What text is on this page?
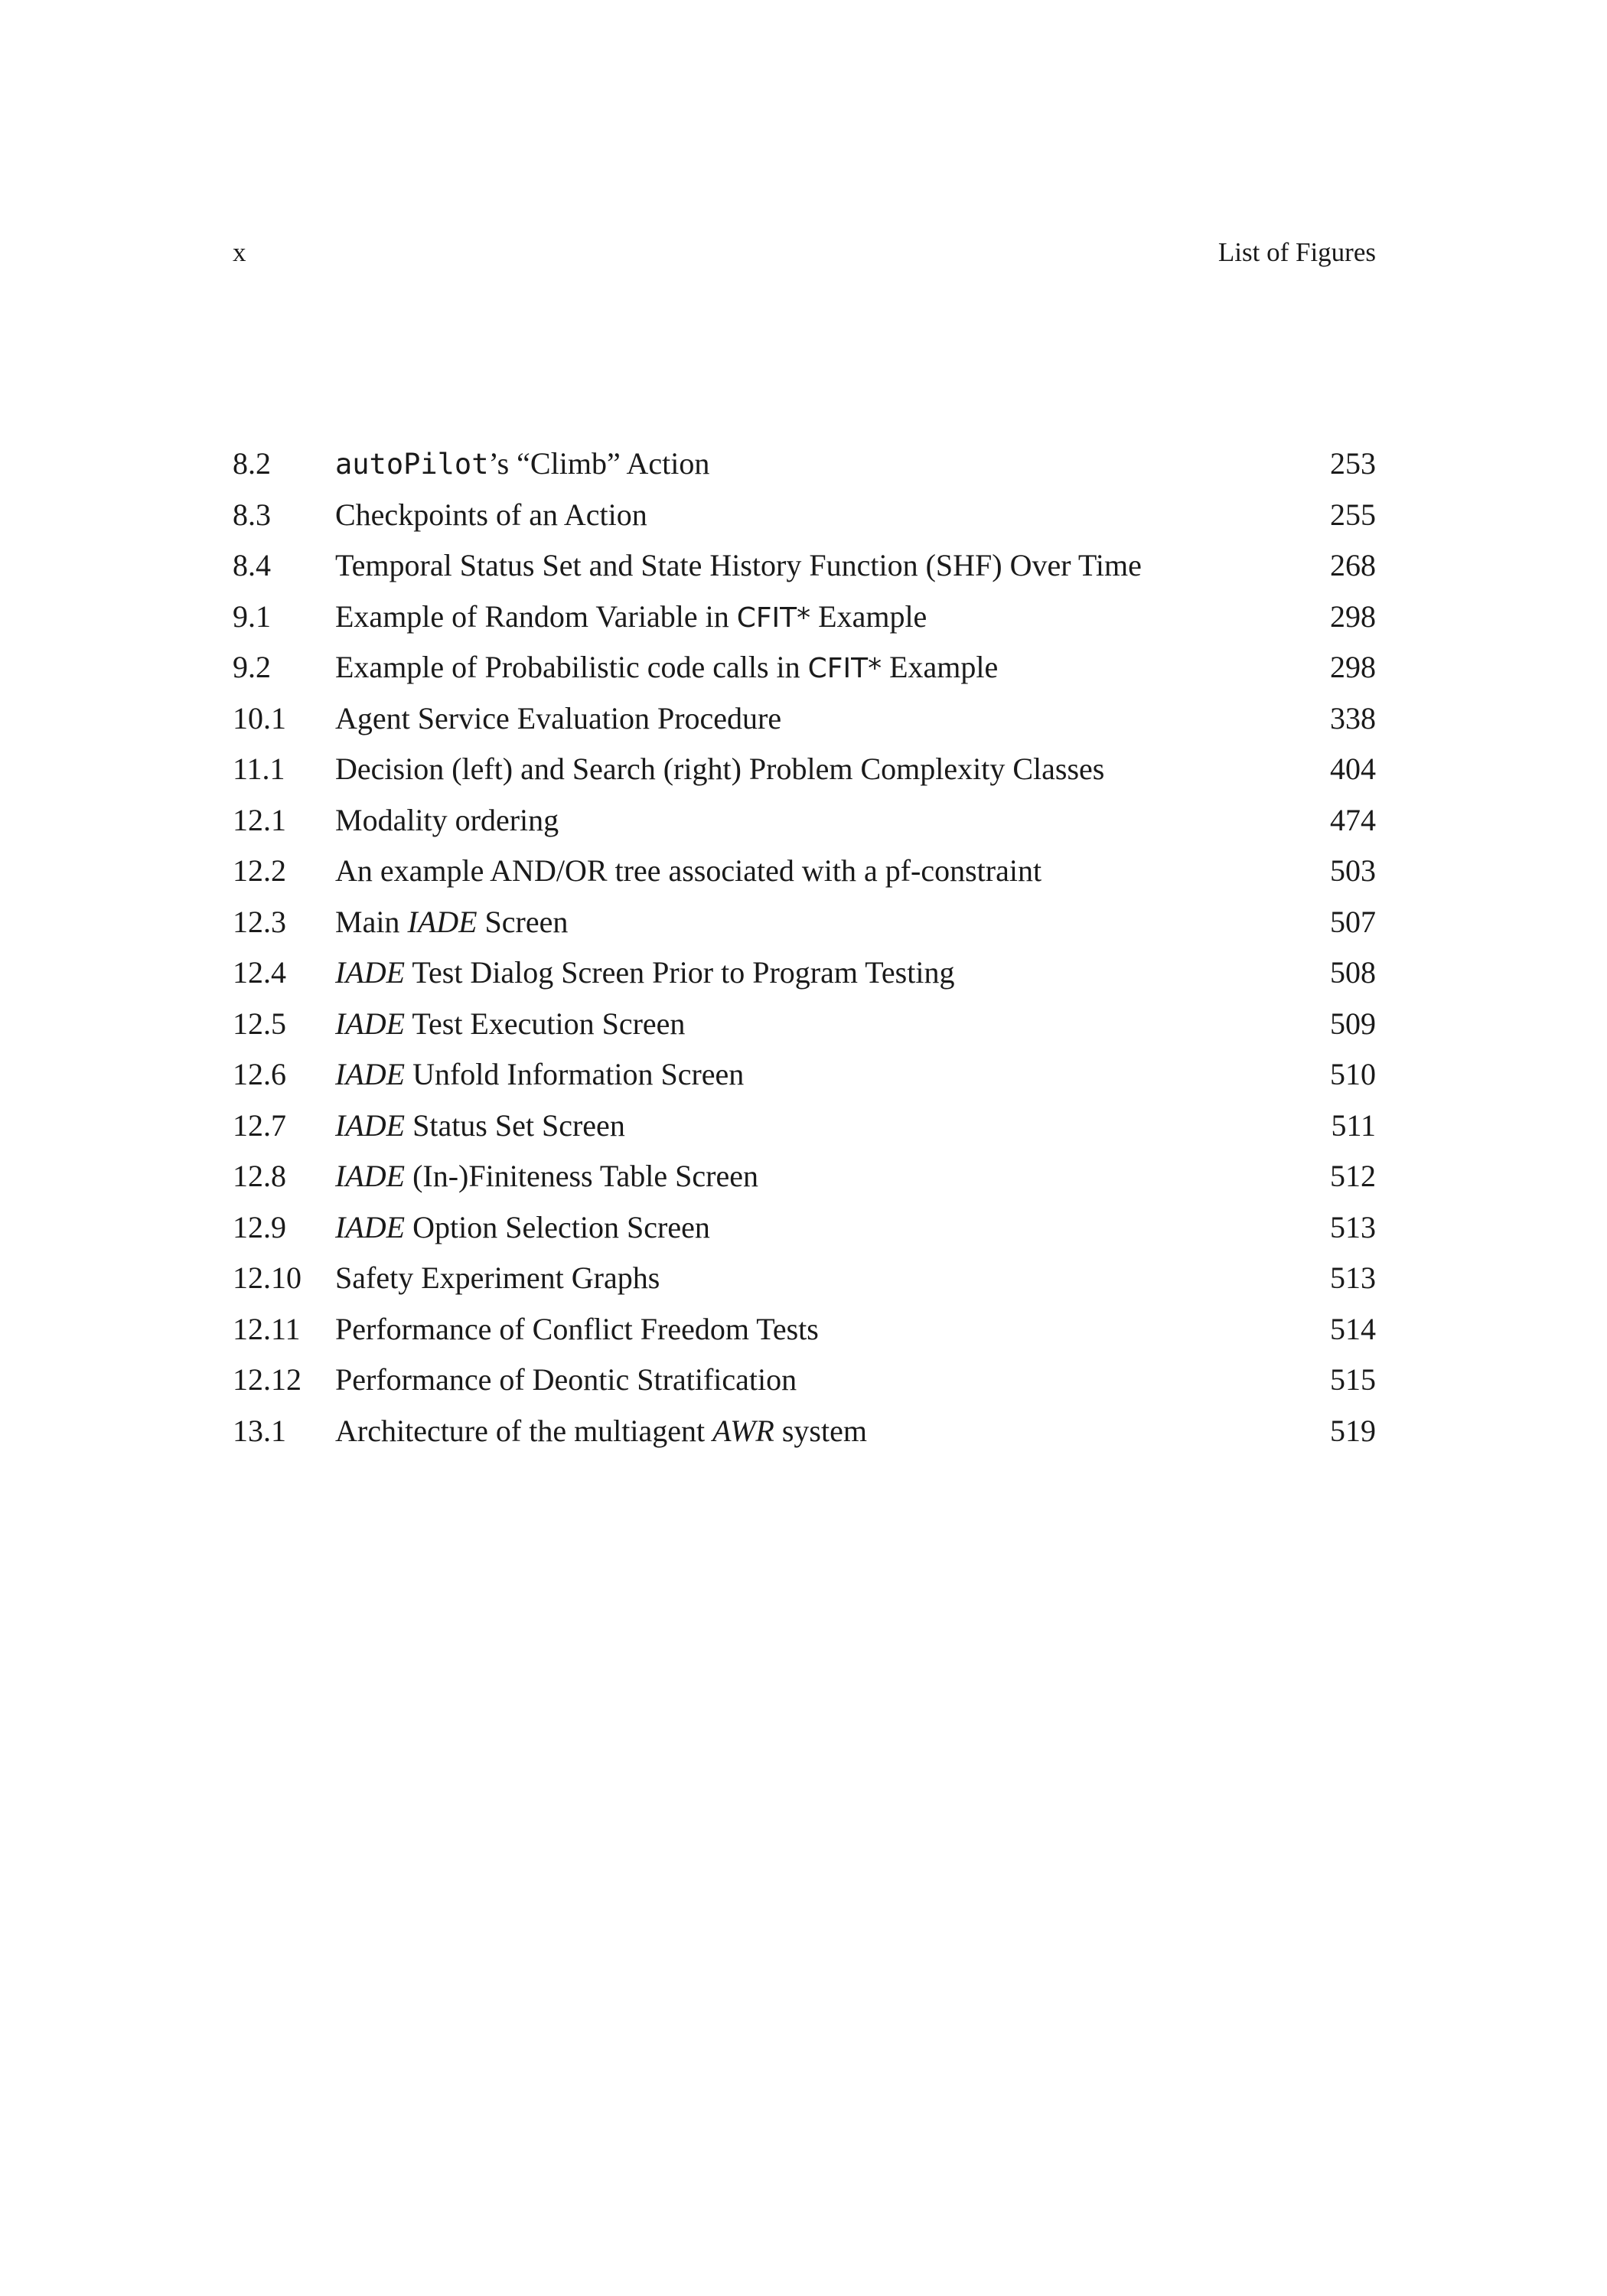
x	List of Figures
8.2 autoPilot’s “Climb” Action	253
8.3 Checkpoints of an Action	255
8.4 Temporal Status Set and State History Function (SHF) Over Time	268
9.1 Example of Random Variable in CFIT* Example	298
9.2 Example of Probabilistic code calls in CFIT* Example	298
10.1 Agent Service Evaluation Procedure	338
11.1 Decision (left) and Search (right) Problem Complexity Classes	404
12.1 Modality ordering	474
12.2 An example AND/OR tree associated with a pf-constraint	503
12.3 Main IADE Screen	507
12.4 IADE Test Dialog Screen Prior to Program Testing	508
12.5 IADE Test Execution Screen	509
12.6 IADE Unfold Information Screen	510
12.7 IADE Status Set Screen	511
12.8 IADE (In-)Finiteness Table Screen	512
12.9 IADE Option Selection Screen	513
12.10 Safety Experiment Graphs	513
12.11 Performance of Conflict Freedom Tests	514
12.12 Performance of Deontic Stratification	515
13.1 Architecture of the multiagent AWR system	519
